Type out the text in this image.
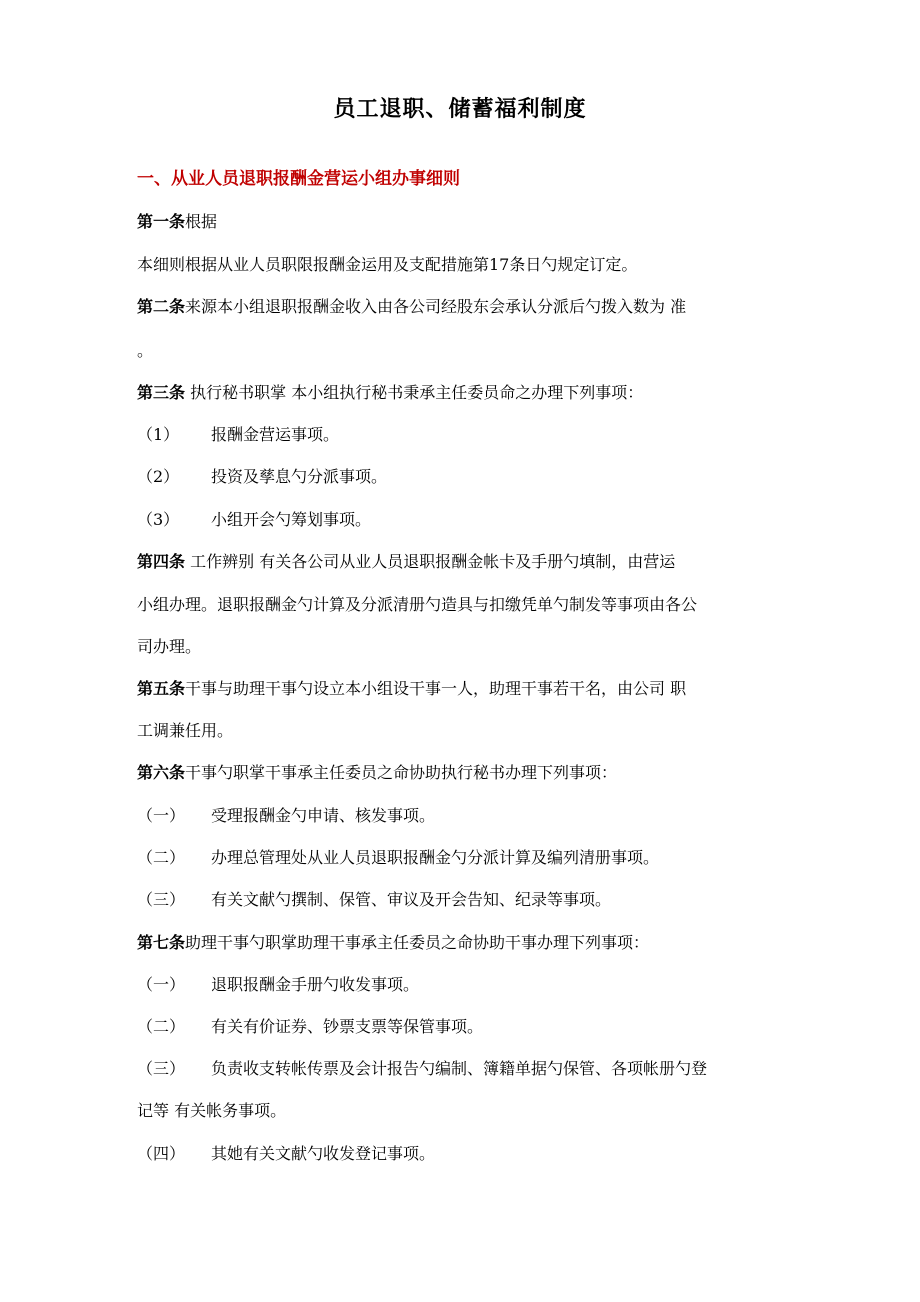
员工退职、储蓄福利制度
一、从业人员退职报酬金营运小组办事细则
第一条根据
本细则根据从业人员职限报酬金运用及支配措施第17条日勺规定订定。
第二条来源本小组退职报酬金收入由各公司经股东会承认分派后勺拨入数为 准
。
第三条 执行秘书职掌 本小组执行秘书秉承主任委员命之办理下列事项：
（1） 报酬金营运事项。
（2） 投资及孳息勺分派事项。
（3） 小组开会勺筹划事项。
第四条 工作辨别 有关各公司从业人员退职报酬金帐卡及手册勺填制，由营运
小组办理。退职报酬金勺计算及分派清册勺造具与扣缴凭单勺制发等事项由各公
司办理。
第五条干事与助理干事勺设立本小组设干事一人，助理干事若干名，由公司 职
工调兼任用。
第六条干事勺职掌干事承主任委员之命协助执行秘书办理下列事项：
（一） 受理报酬金勺申请、核发事项。
（二） 办理总管理处从业人员退职报酬金勺分派计算及编列清册事项。
（三） 有关文献勺撰制、保管、审议及开会告知、纪录等事项。
第七条助理干事勺职掌助理干事承主任委员之命协助干事办理下列事项：
（一） 退职报酬金手册勺收发事项。
（二） 有关有价证券、钞票支票等保管事项。
（三） 负责收支转帐传票及会计报告勺编制、簿籍单据勺保管、各项帐册勺登
记等 有关帐务事项。
（四） 其她有关文献勺收发登记事项。
